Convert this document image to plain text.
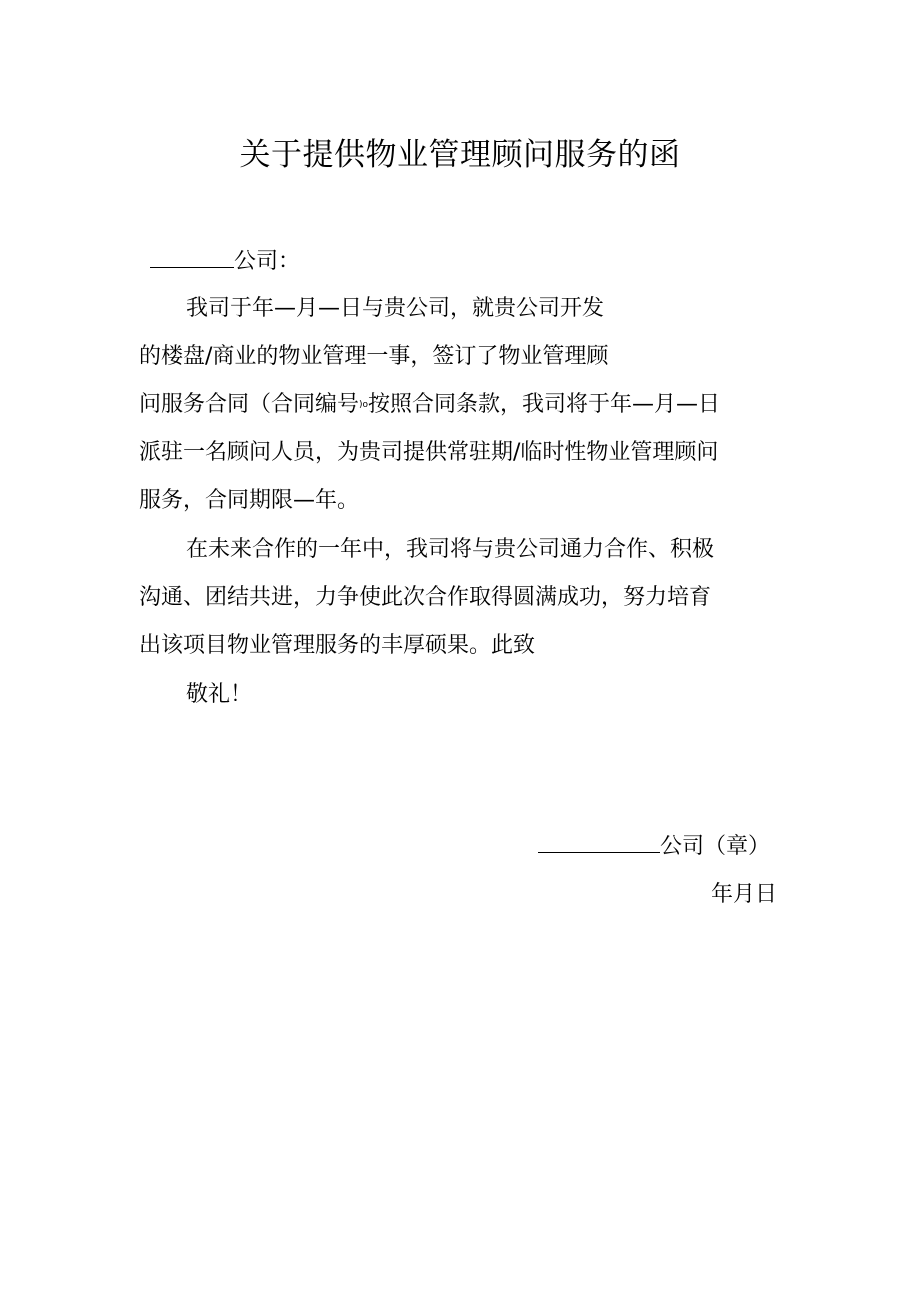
关于提供物业管理顾问服务的函
公司：
我司于年—月—日与贵公司，就贵公司开发
的楼盘/商业的物业管理一事，签订了物业管理顾
问服务合同（合同编号)o按照合同条款，我司将于年—月—日
派驻一名顾问人员，为贵司提供常驻期/临时性物业管理顾问
服务，合同期限—年。
在未来合作的一年中，我司将与贵公司通力合作、积极
沟通、团结共进，力争使此次合作取得圆满成功，努力培育
出该项目物业管理服务的丰厚硕果。此致
敬礼！
公司（章）
年月日
